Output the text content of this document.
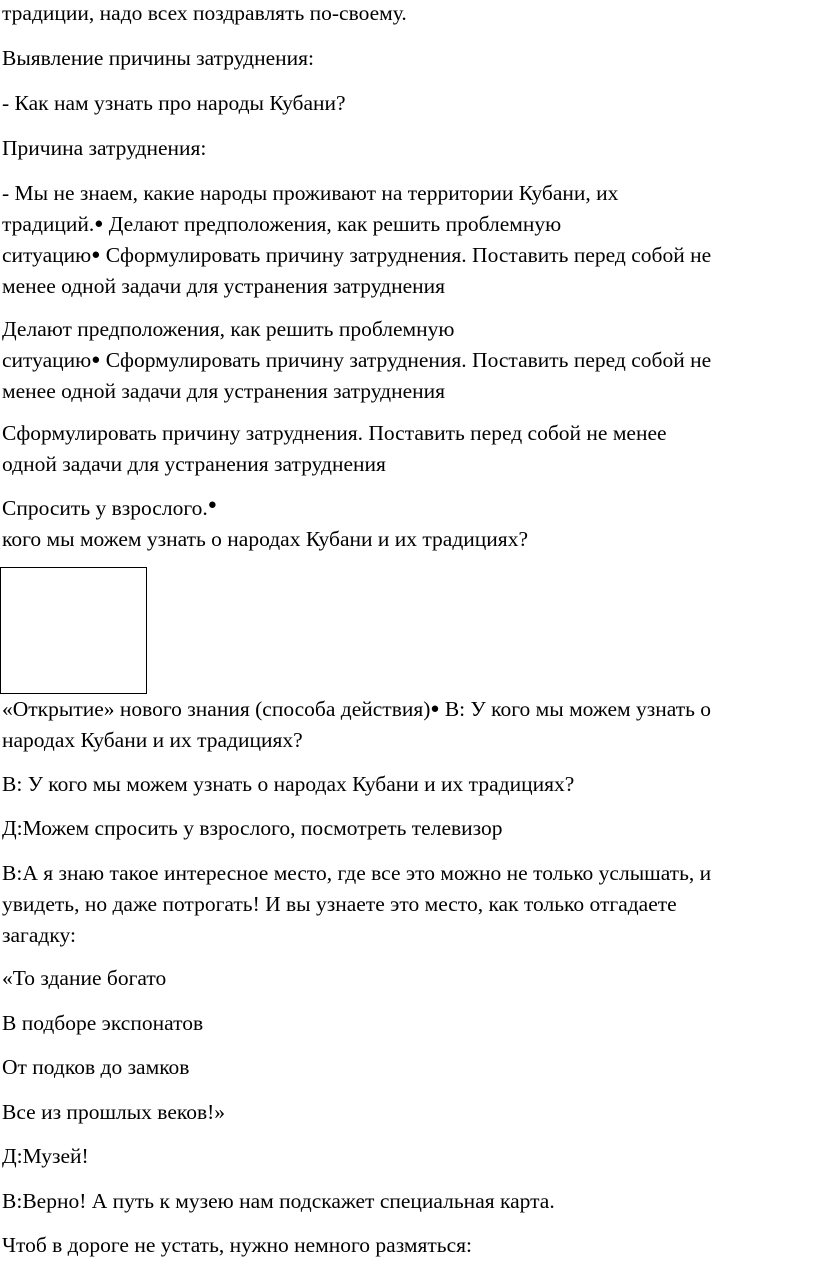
традиции, надо всех поздравлять по-своему.

Выявление причины затруднения:

- Как нам узнать про народы Кубани?

Причина затруднения:

- Мы не знаем, какие народы проживают на территории Кубани, их
традиций.● Делают предположения, как решить проблемную
ситуацию● Сформулировать причину затруднения. Поставить перед собой не
менее одной задачи для устранения затруднения
Делают предположения, как решить проблемную
ситуацию● Сформулировать причину затруднения. Поставить перед собой не
менее одной задачи для устранения затруднения
Сформулировать причину затруднения. Поставить перед собой не менее
одной задачи для устранения затруднения
Спросить у взрослого.●
кого мы можем узнать о народах Кубани и их традициях?
«Открытие» нового знания (способа действия)● В: У кого мы можем узнать о
народах Кубани и их традициях?

В: У кого мы можем узнать о народах Кубани и их традициях?

Д:Можем спросить у взрослого, посмотреть телевизор

В:А я знаю такое интересное место, где все это можно не только услышать, и
увидеть, но даже потрогать! И вы узнаете это место, как только отгадаете
загадку:

«То здание богато

В подборе экспонатов

От подков до замков

Все из прошлых веков!»

Д:Музей!

В:Верно! А путь к музею нам подскажет специальная карта.

Чтоб в дороге не устать, нужно немного размяться:
